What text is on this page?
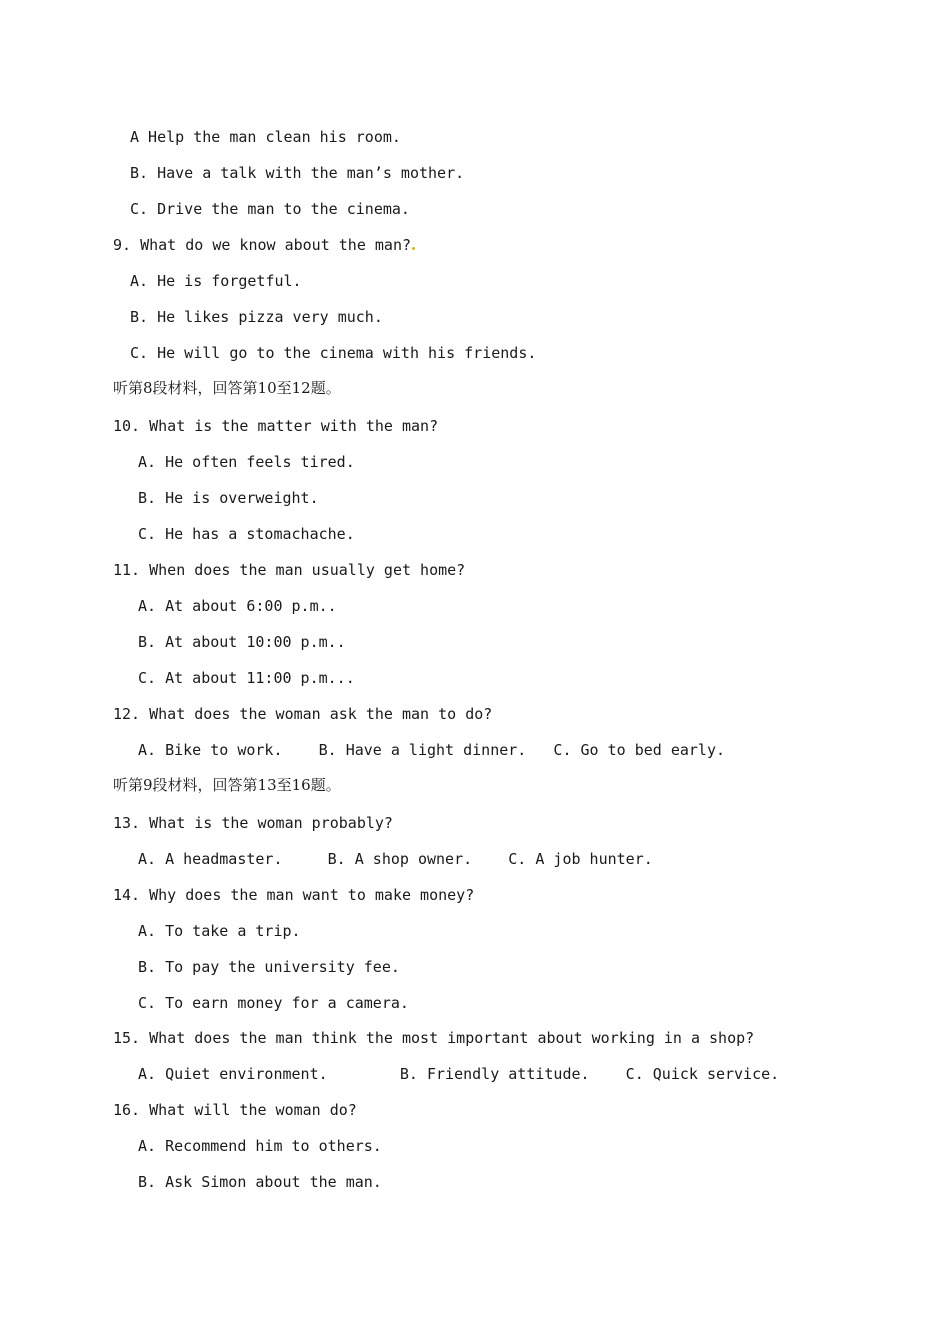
A Help the man clean his room.
B. Have a talk with the man’s mother.
C. Drive the man to the cinema.
9. What do we know about the man?
A. He is forgetful.
B. He likes pizza very much.
C. He will go to the cinema with his friends.
听第8段材料，回答第10至12题。
10. What is the matter with the man?
A. He often feels tired.
B. He is overweight.
C. He has a stomachache.
11. When does the man usually get home?
A. At about 6:00 p.m..
B. At about 10:00 p.m..
C. At about 11:00 p.m...
12. What does the woman ask the man to do?
A. Bike to work.    B. Have a light dinner.   C. Go to bed early.
听第9段材料，回答第13至16题。
13. What is the woman probably?
A. A headmaster.     B. A shop owner.    C. A job hunter.
14. Why does the man want to make money?
A. To take a trip.
B. To pay the university fee.
C. To earn money for a camera.
15. What does the man think the most important about working in a shop?
A. Quiet environment.        B. Friendly attitude.    C. Quick service.
16. What will the woman do?
A. Recommend him to others.
B. Ask Simon about the man.
